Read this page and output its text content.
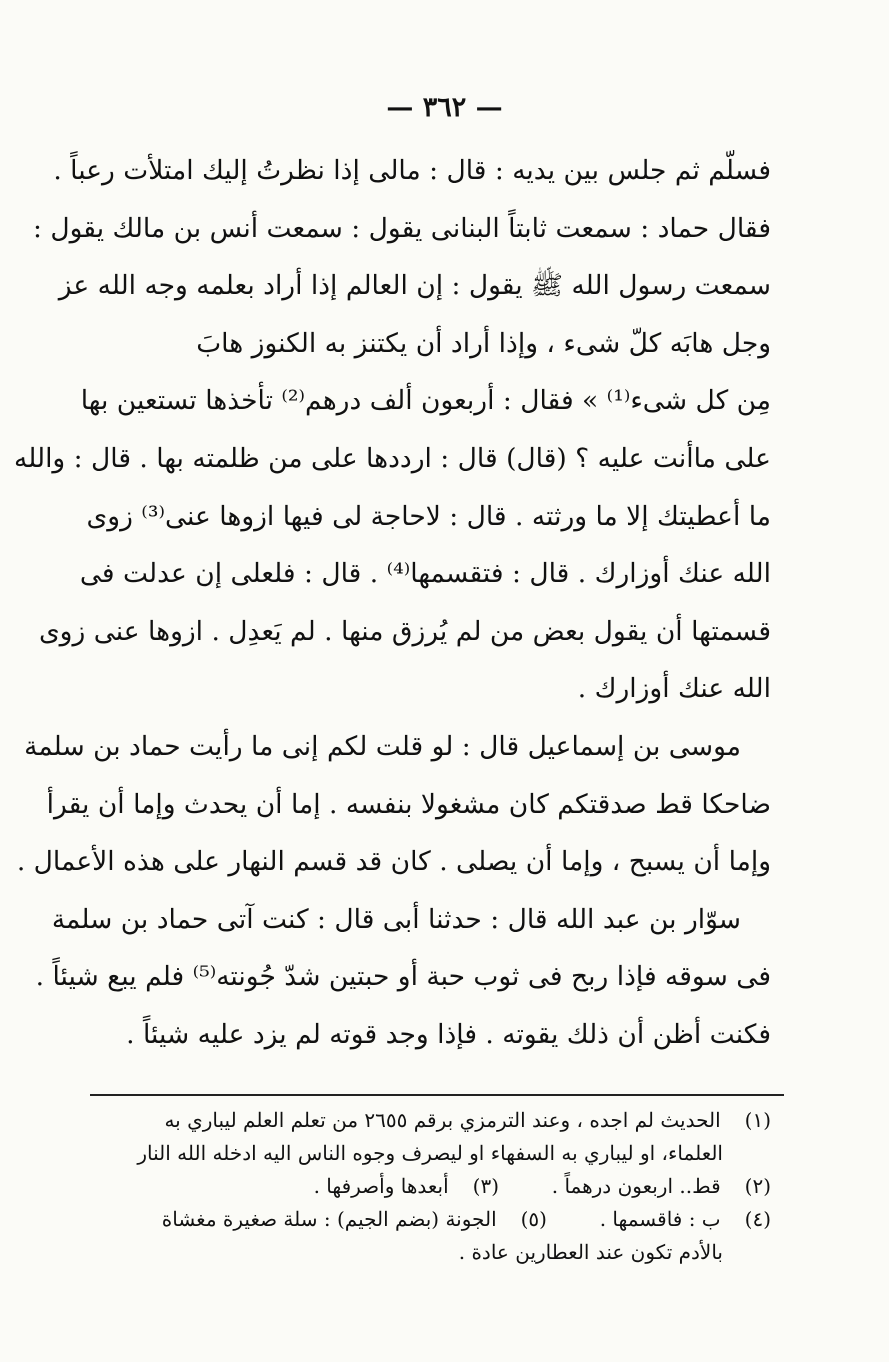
— ٣٦٢ —
فسلّم ثم جلس بين يديه : قال : مالى إذا نظرتُ إليك امتلأت رعباً .
فقال حماد : سمعت ثابتاً البنانى يقول : سمعت أنس بن مالك يقول :
سمعت رسول الله ﷺ يقول : إن العالم إذا أراد بعلمه وجه الله عز
وجل هابَه كلّ شىء ، وإذا أراد أن يكتنز به الكنوز هابَ
مِن كل شىء⁽¹⁾ » فقال : أربعون ألف درهم⁽²⁾ تأخذها تستعين بها
على ماأنت عليه ؟ (قال) قال : ارددها على من ظلمته بها . قال : والله
ما أعطيتك إلا ما ورثته . قال : لاحاجة لى فيها ازوها عنى⁽³⁾ زوى
الله عنك أوزارك . قال : فتقسمها⁽⁴⁾ . قال : فلعلى إن عدلت فى
قسمتها أن يقول بعض من لم يُرزق منها . لم يَعدِل . ازوها عنى زوى
الله عنك أوزارك .
موسى بن إسماعيل قال : لو قلت لكم إنى ما رأيت حماد بن سلمة
ضاحكا قط صدقتكم كان مشغولا بنفسه . إما أن يحدث وإما أن يقرأ
وإما أن يسبح ، وإما أن يصلى . كان قد قسم النهار على هذه الأعمال .
سوّار بن عبد الله قال : حدثنا أبى قال : كنت آتى حماد بن سلمة
فى سوقه فإذا ربح فى ثوب حبة أو حبتين شدّ جُونته⁽⁵⁾ فلم يبع شيئاً .
فكنت أظن أن ذلك يقوته . فإذا وجد قوته لم يزد عليه شيئاً .
(١) الحديث لم اجده ، وعند الترمزي برقم ٢٦٥٥ من تعلم العلم ليباري به
العلماء، او ليباري به السفهاء او ليصرف وجوه الناس اليه ادخله الله النار
(٢) قط.. اربعون درهماً .  (٣) أبعدها وأصرفها .
(٤) ب : فاقسمها .  (٥) الجونة (بضم الجيم) : سلة صغيرة مغشاة
بالأدم تكون عند العطارين عادة .
